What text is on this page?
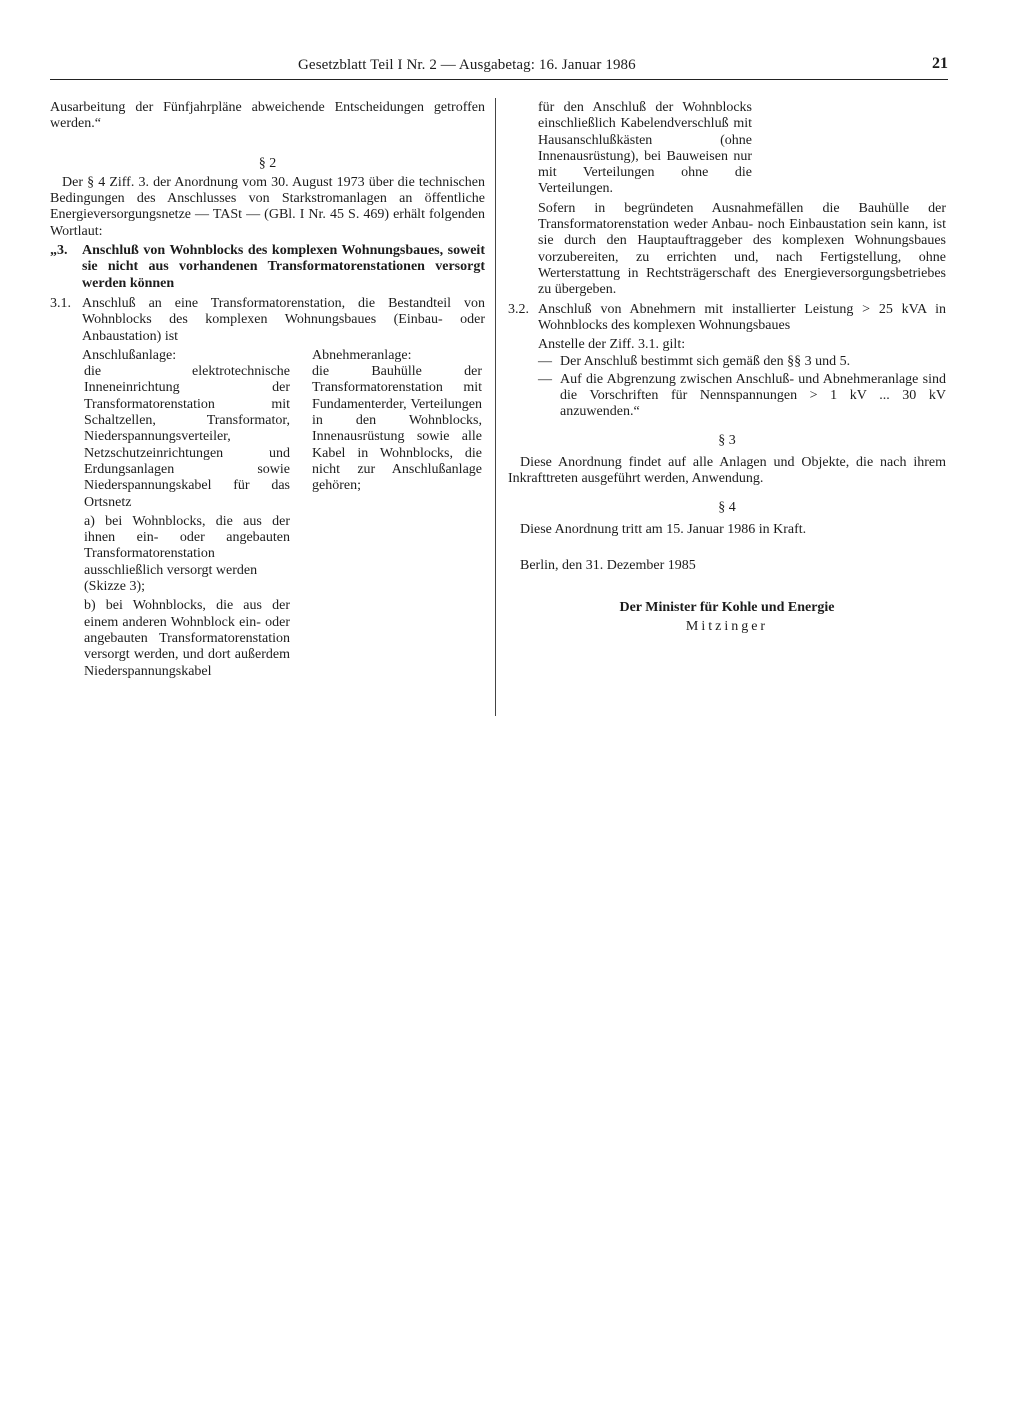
Gesetzblatt Teil I Nr. 2 — Ausgabetag: 16. Januar 1986	21

Ausarbeitung der Fünfjahrpläne abweichende Entscheidungen getroffen werden.“

§ 2

Der § 4 Ziff. 3. der Anordnung vom 30. August 1973 über die technischen Bedingungen des Anschlusses von Starkstromanlagen an öffentliche Energieversorgungsnetze — TASt — (GBl. I Nr. 45 S. 469) erhält folgenden Wortlaut:

„3.	Anschluß von Wohnblocks des komplexen Wohnungsbaues, soweit sie nicht aus vorhandenen Transformatorenstationen versorgt werden können
3.1. Anschluß an eine Transformatorenstation, die Bestandteil von Wohnblocks des komplexen Wohnungsbaues (Einbau- oder Anbaustation) ist

Anschlußanlage:

die elektrotechnische Inneneinrichtung der Transformatorenstation mit Schaltzellen, Transformator, Niederspannungsverteiler, Netzschutzeinrichtungen und Erdungsanlagen sowie Niederspannungskabel für das Ortsnetz

a) bei Wohnblocks, die aus der ihnen ein- oder angebauten Transformatorenstation ausschließlich versorgt werden

(Skizze 3);

b) bei Wohnblocks, die aus der einem anderen Wohnblock ein- oder angebauten Transformatorenstation versorgt werden, und dort außerdem Niederspannungskabel

Abnehmeranlage:

die Bauhülle der Transformatorenstation mit Fundamenterder, Verteilungen in den Wohnblocks, Innenausrüstung sowie alle Kabel in Wohnblocks, die nicht zur Anschlußanlage gehören;

für den Anschluß der Wohnblocks einschließlich Kabelendverschluß mit Hausanschlußkästen (ohne Innenausrüstung), bei Bauweisen nur mit Verteilungen ohne die Verteilungen.

Sofern in begründeten Ausnahmefällen die Bauhülle der Transformatorenstation weder Anbau- noch Einbaustation sein kann, ist sie durch den Hauptauftraggeber des komplexen Wohnungsbaues vorzubereiten, zu errichten und, nach Fertigstellung, ohne Werterstattung in Rechtsträgerschaft des Energieversorgungsbetriebes zu übergeben.

3.2. Anschluß von Abnehmern mit installierter Leistung > 25 kVA in Wohnblocks des komplexen Wohnungsbaues

Anstelle der Ziff. 3.1. gilt:

— Der Anschluß bestimmt sich gemäß den §§ 3 und 5.
— Auf die Abgrenzung zwischen Anschluß- und Abnehmeranlage sind die Vorschriften für Nennspannungen > 1 kV ... 30 kV anzuwenden.“

§ 3

Diese Anordnung findet auf alle Anlagen und Objekte, die nach ihrem Inkrafttreten ausgeführt werden, Anwendung.

§ 4

Diese Anordnung tritt am 15. Januar 1986 in Kraft.

Berlin, den 31. Dezember 1985

Der Minister für Kohle und Energie

Mitzinger
